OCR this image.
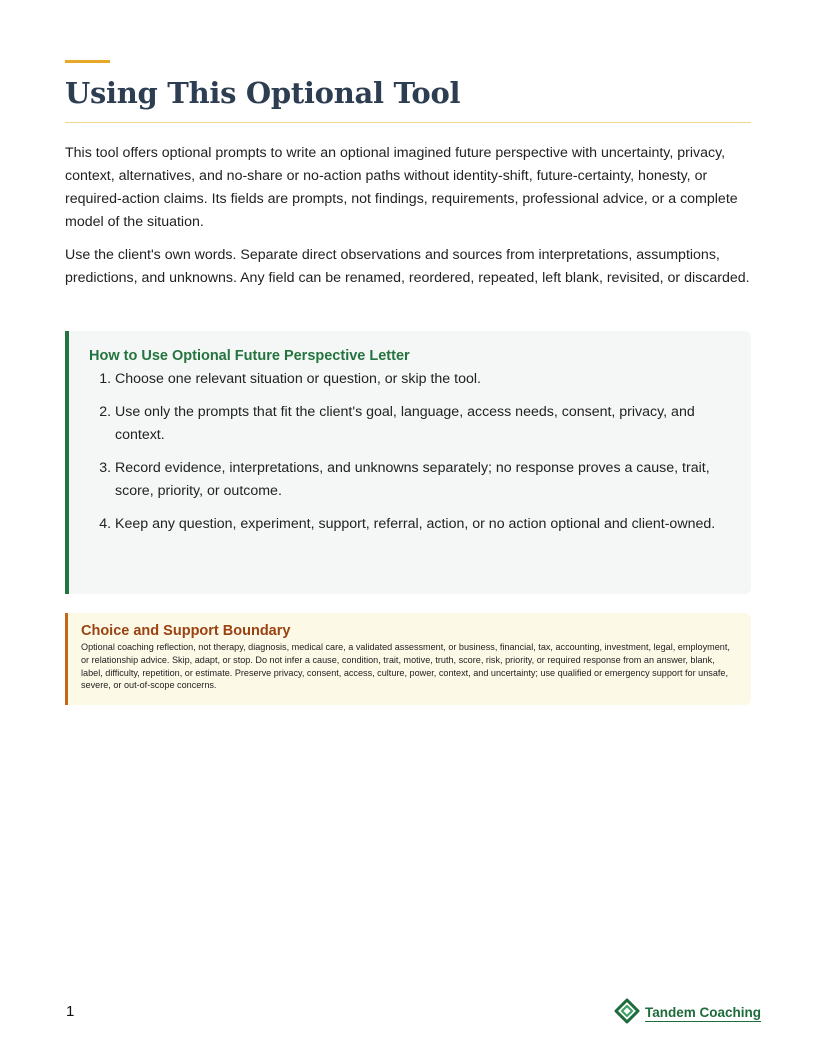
Using This Optional Tool

This tool offers optional prompts to write an optional imagined future perspective with uncertainty, privacy, context, alternatives, and no-share or no-action paths without identity-shift, future-certainty, honesty, or required-action claims. Its fields are prompts, not findings, requirements, professional advice, or a complete model of the situation.

Use the client's own words. Separate direct observations and sources from interpretations, assumptions, predictions, and unknowns. Any field can be renamed, reordered, repeated, left blank, revisited, or discarded.

How to Use Optional Future Perspective Letter
1. Choose one relevant situation or question, or skip the tool.
2. Use only the prompts that fit the client's goal, language, access needs, consent, privacy, and context.
3. Record evidence, interpretations, and unknowns separately; no response proves a cause, trait, score, priority, or outcome.
4. Keep any question, experiment, support, referral, action, or no action optional and client-owned.
Choice and Support Boundary

Optional coaching reflection, not therapy, diagnosis, medical care, a validated assessment, or business, financial, tax, accounting, investment, legal, employment, or relationship advice. Skip, adapt, or stop. Do not infer a cause, condition, trait, motive, truth, score, risk, priority, or required response from an answer, blank, label, difficulty, repetition, or estimate. Preserve privacy, consent, access, culture, power, context, and uncertainty; use qualified or emergency support for unsafe, severe, or out-of-scope concerns.

1	Tandem Coaching
